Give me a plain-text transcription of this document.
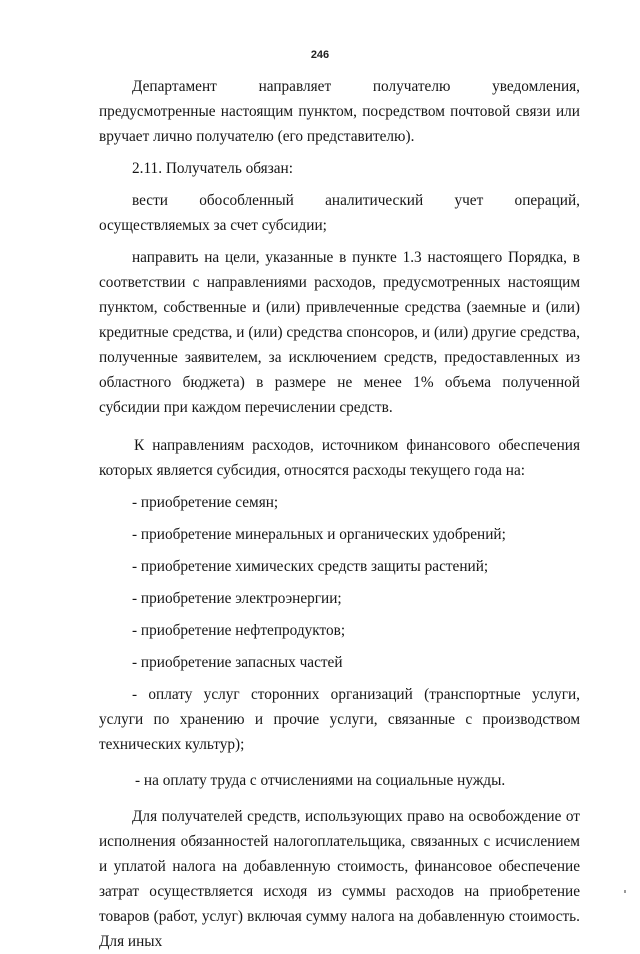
246

Департамент направляет получателю уведомления, предусмотренные настоящим пунктом, посредством почтовой связи или вручает лично получателю (его представителю).

2.11. Получатель обязан:

вести обособленный аналитический учет операций, осуществляемых за счет субсидии;

направить на цели, указанные в пункте 1.3 настоящего Порядка, в соответствии с направлениями расходов, предусмотренных настоящим пунктом, собственные и (или) привлеченные средства (заемные и (или) кредитные средства, и (или) средства спонсоров, и (или) другие средства, полученные заявителем, за исключением средств, предоставленных из областного бюджета) в размере не менее 1% объема полученной субсидии при каждом перечислении средств.

К направлениям расходов, источником финансового обеспечения которых является субсидия, относятся расходы текущего года на:

- приобретение семян;

- приобретение минеральных и органических удобрений;

- приобретение химических средств защиты растений;

- приобретение электроэнергии;

- приобретение нефтепродуктов;

- приобретение запасных частей

- оплату услуг сторонних организаций (транспортные услуги, услуги по хранению и прочие услуги, связанные с производством технических культур);

- на оплату труда с отчислениями на социальные нужды.

Для получателей средств, использующих право на освобождение от исполнения обязанностей налогоплательщика, связанных с исчислением и уплатой налога на добавленную стоимость, финансовое обеспечение затрат осуществляется исходя из суммы расходов на приобретение товаров (работ, услуг) включая сумму налога на добавленную стоимость. Для иных
